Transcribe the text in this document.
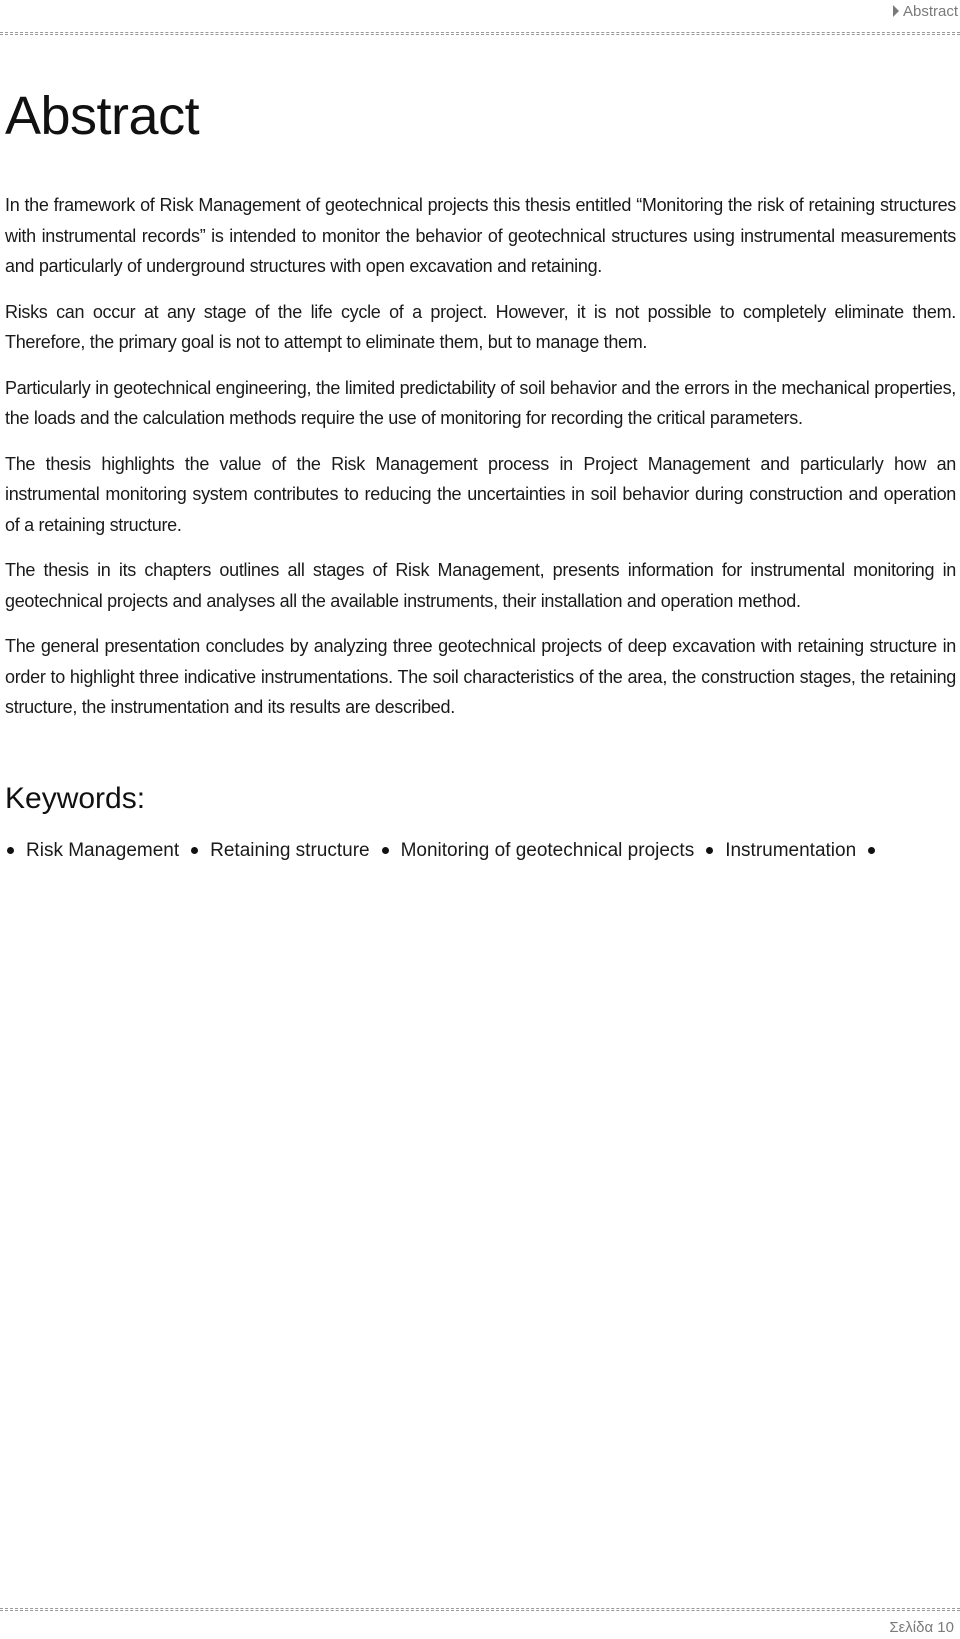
Abstract
Abstract

In the framework of Risk Management of geotechnical projects this thesis entitled “Monitoring the risk of retaining structures with instrumental records” is intended to monitor the behavior of geotechnical structures using instrumental measurements and particularly of underground structures with open excavation and retaining.

Risks can occur at any stage of the life cycle of a project. However, it is not possible to completely eliminate them. Therefore, the primary goal is not to attempt to eliminate them, but to manage them.

Particularly in geotechnical engineering, the limited predictability of soil behavior and the errors in the mechanical properties, the loads and the calculation methods require the use of monitoring for recording the critical parameters.

The thesis highlights the value of the Risk Management process in Project Management and particularly how an instrumental monitoring system contributes to reducing the uncertainties in soil behavior during construction and operation of a retaining structure.

The thesis in its chapters outlines all stages of Risk Management, presents information for instrumental monitoring in geotechnical projects and analyses all the available instruments, their installation and operation method.

The general presentation concludes by analyzing three geotechnical projects of deep excavation with retaining structure in order to highlight three indicative instrumentations. The soil characteristics of the area, the construction stages, the retaining structure, the instrumentation and its results are described.

Keywords:
Risk Management Retaining structure Monitoring of geotechnical projects Instrumentation
Σελίδα 10
